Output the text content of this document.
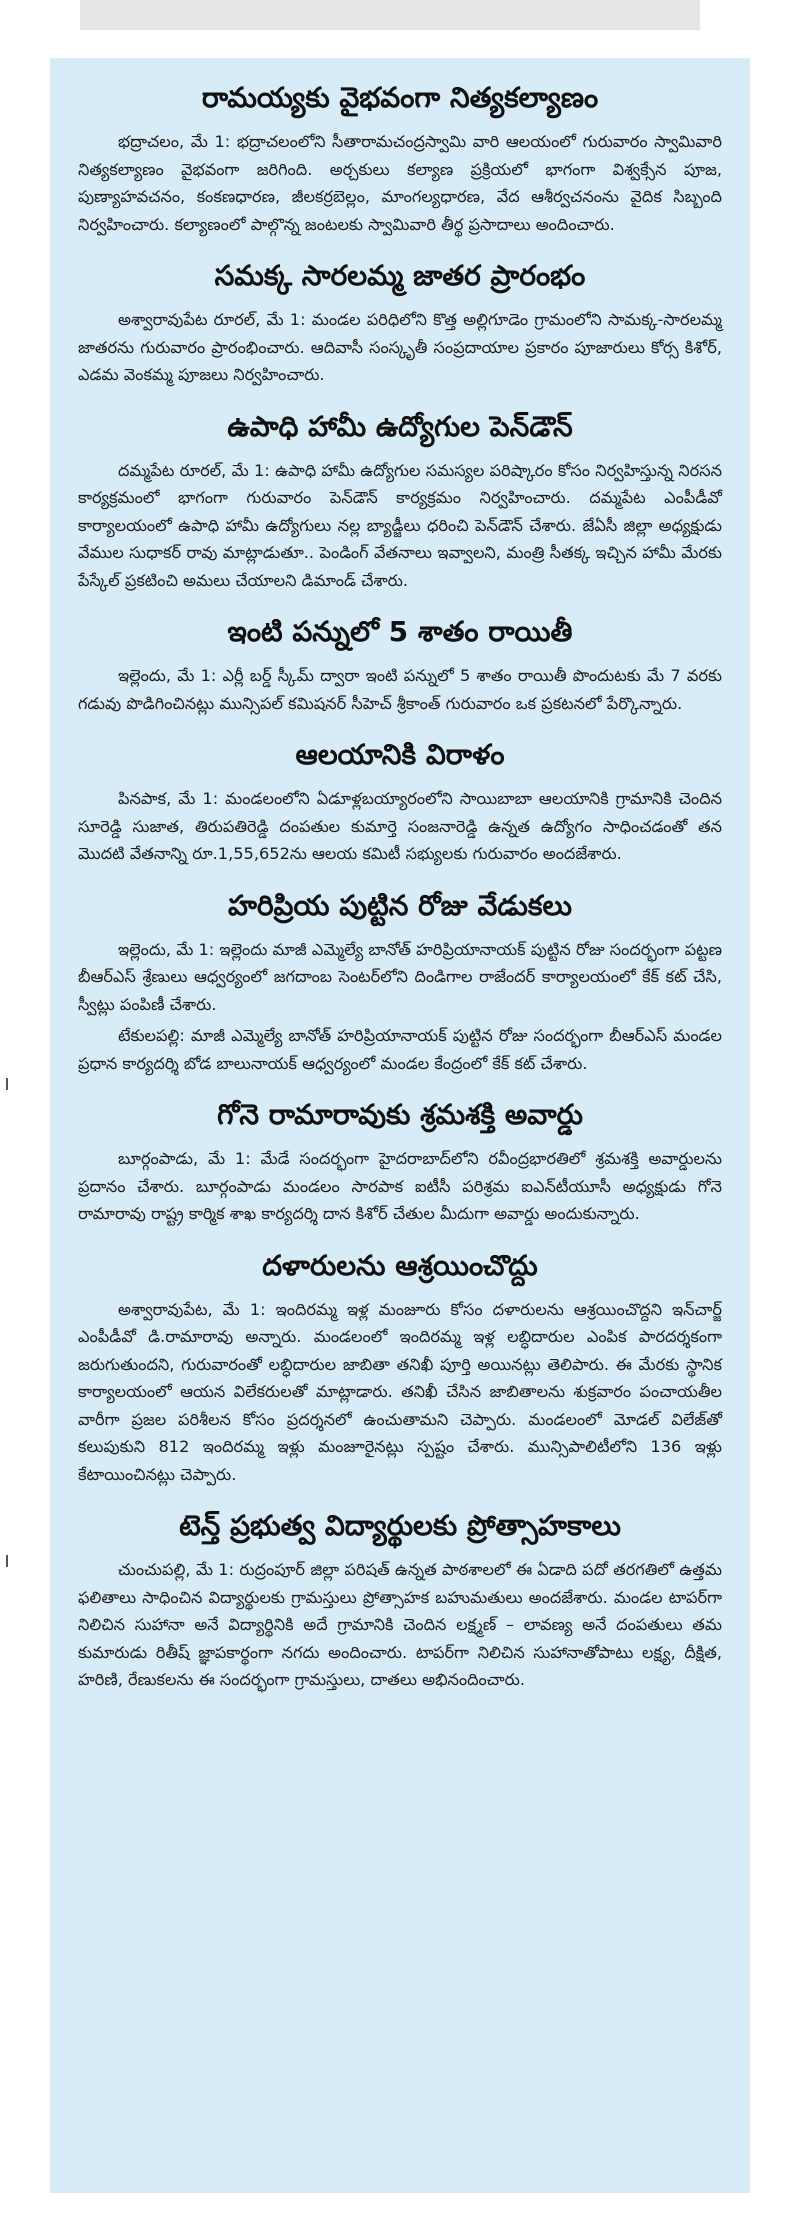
రామయ్యకు వైభవంగా నిత్యకల్యాణం

భద్రాచలం, మే 1: భద్రాచలంలోని సీతారామచంద్రస్వామి వారి ఆలయంలో గురువారం స్వామివారి నిత్యకల్యాణం వైభవంగా జరిగింది. అర్చకులు కల్యాణ ప్రక్రియలో భాగంగా విశ్వక్సేన పూజ, పుణ్యాహవచనం, కంకణధారణ, జీలకర్రబెల్లం, మాంగల్యధారణ, వేద ఆశీర్వచనంను వైదిక సిబ్బంది నిర్వహించారు. కల్యాణంలో పాల్గొన్న జంటలకు స్వామివారి తీర్థ ప్రసాదాలు అందించారు.

సమక్క సారలమ్మ జాతర ప్రారంభం

అశ్వారావుపేట రూరల్, మే 1: మండల పరిధిలోని కొత్త అల్లిగూడెం గ్రామంలోని సామక్క-సారలమ్మ జాతరను గురువారం ప్రారంభించారు. ఆదివాసీ సంస్కృతీ సంప్రదాయాల ప్రకారం పూజారులు కోర్స కిశోర్, ఎడమ వెంకమ్మ పూజలు నిర్వహించారు.

ఉపాధి హామీ ఉద్యోగుల పెన్‌డౌన్

దమ్మపేట రూరల్, మే 1: ఉపాధి హామీ ఉద్యోగుల సమస్యల పరిష్కారం కోసం నిర్వహిస్తున్న నిరసన కార్యక్రమంలో భాగంగా గురువారం పెన్‌డౌన్ కార్యక్రమం నిర్వహించారు. దమ్మపేట ఎంపీడీవో కార్యాలయంలో ఉపాధి హామీ ఉద్యోగులు నల్ల బ్యాడ్జీలు ధరించి పెన్‌డౌన్ చేశారు. జేఏసీ జిల్లా అధ్యక్షుడు వేముల సుధాకర్ రావు మాట్లాడుతూ.. పెండింగ్ వేతనాలు ఇవ్వాలని, మంత్రి సీతక్క ఇచ్చిన హామీ మేరకు పేస్కేల్ ప్రకటించి అమలు చేయాలని డిమాండ్ చేశారు.

ఇంటి పన్నులో 5 శాతం రాయితీ

ఇల్లెందు, మే 1: ఎర్లీ బర్డ్ స్కీమ్ ద్వారా ఇంటి పన్నులో 5 శాతం రాయితీ పొందుటకు మే 7 వరకు గడువు పొడిగించినట్లు మున్సిపల్ కమిషనర్ సీహెచ్ శ్రీకాంత్ గురువారం ఒక ప్రకటనలో పేర్కొన్నారు.

ఆలయానికి విరాళం

పినపాక, మే 1: మండలంలోని ఏడూళ్లబయ్యారంలోని సాయిబాబా ఆలయానికి గ్రామానికి చెందిన సూరెడ్డి సుజాత, తిరుపతిరెడ్డి దంపతుల కుమార్తె సంజనారెడ్డి ఉన్నత ఉద్యోగం సాధించడంతో తన మొదటి వేతనాన్ని రూ.1,55,652ను ఆలయ కమిటీ సభ్యులకు గురువారం అందజేశారు.

హరిప్రియ పుట్టిన రోజు వేడుకలు

ఇల్లెందు, మే 1: ఇల్లెందు మాజీ ఎమ్మెల్యే బానోత్ హరిప్రియానాయక్ పుట్టిన రోజు సందర్భంగా పట్టణ బీఆర్ఎస్ శ్రేణులు ఆధ్వర్యంలో జగదాంబ సెంటర్‌లోని దిండిగాల రాజేందర్ కార్యాలయంలో కేక్ కట్ చేసి, స్వీట్లు పంపిణీ చేశారు.

టేకులపల్లి: మాజీ ఎమ్మెల్యే బానోత్ హరిప్రియానాయక్ పుట్టిన రోజు సందర్భంగా బీఆర్ఎస్ మండల ప్రధాన కార్యదర్శి బోడ బాలునాయక్ ఆధ్వర్యంలో మండల కేంద్రంలో కేక్ కట్ చేశారు.

గోనె రామారావుకు శ్రమశక్తి అవార్డు

బూర్గంపాడు, మే 1: మేడే సందర్భంగా హైదరాబాద్‌లోని రవీంద్రభారతిలో శ్రమశక్తి అవార్డులను ప్రదానం చేశారు. బూర్గంపాడు మండలం సారపాక ఐటీసీ పరిశ్రమ ఐఎన్‌టీయూసీ అధ్యక్షుడు గోనె రామారావు రాష్ట్ర కార్మిక శాఖ కార్యదర్శి దాన కిశోర్ చేతుల మీదుగా అవార్డు అందుకున్నారు.

దళారులను ఆశ్రయించొద్దు

అశ్వారావుపేట, మే 1: ఇందిరమ్మ ఇళ్ల మంజూరు కోసం దళారులను ఆశ్రయించొద్దని ఇన్‌చార్జ్ ఎంపీడీవో డి.రామారావు అన్నారు. మండలంలో ఇందిరమ్మ ఇళ్ల లబ్ధిదారుల ఎంపిక పారదర్శకంగా జరుగుతుందని, గురువారంతో లబ్ధిదారుల జాబితా తనిఖీ పూర్తి అయినట్లు తెలిపారు. ఈ మేరకు స్థానిక కార్యాలయంలో ఆయన విలేకరులతో మాట్లాడారు. తనిఖీ చేసిన జాబితాలను శుక్రవారం పంచాయతీల వారీగా ప్రజల పరిశీలన కోసం ప్రదర్శనలో ఉంచుతామని చెప్పారు. మండలంలో మోడల్ విలేజ్‌తో కలుపుకుని 812 ఇందిరమ్మ ఇళ్లు మంజూరైనట్లు స్పష్టం చేశారు. మున్సిపాలిటీలోని 136 ఇళ్లు కేటాయించినట్లు చెప్పారు.

టెన్త్ ప్రభుత్వ విద్యార్థులకు ప్రోత్సాహకాలు

చుంచుపల్లి, మే 1: రుద్రంపూర్ జిల్లా పరిషత్ ఉన్నత పాఠశాలలో ఈ ఏడాది పదో తరగతిలో ఉత్తమ ఫలితాలు సాధించిన విద్యార్థులకు గ్రామస్తులు ప్రోత్సాహక బహుమతులు అందజేశారు. మండల టాపర్‌గా నిలిచిన సుహానా అనే విద్యార్థినికి అదే గ్రామానికి చెందిన లక్ష్మణ్ – లావణ్య అనే దంపతులు తమ కుమారుడు రితీష్ జ్ఞాపకార్థంగా నగదు అందించారు. టాపర్‌గా నిలిచిన సుహానాతోపాటు లక్ష్య, దీక్షిత, హరిణి, రేణుకలను ఈ సందర్భంగా గ్రామస్తులు, దాతలు అభినందించారు.
